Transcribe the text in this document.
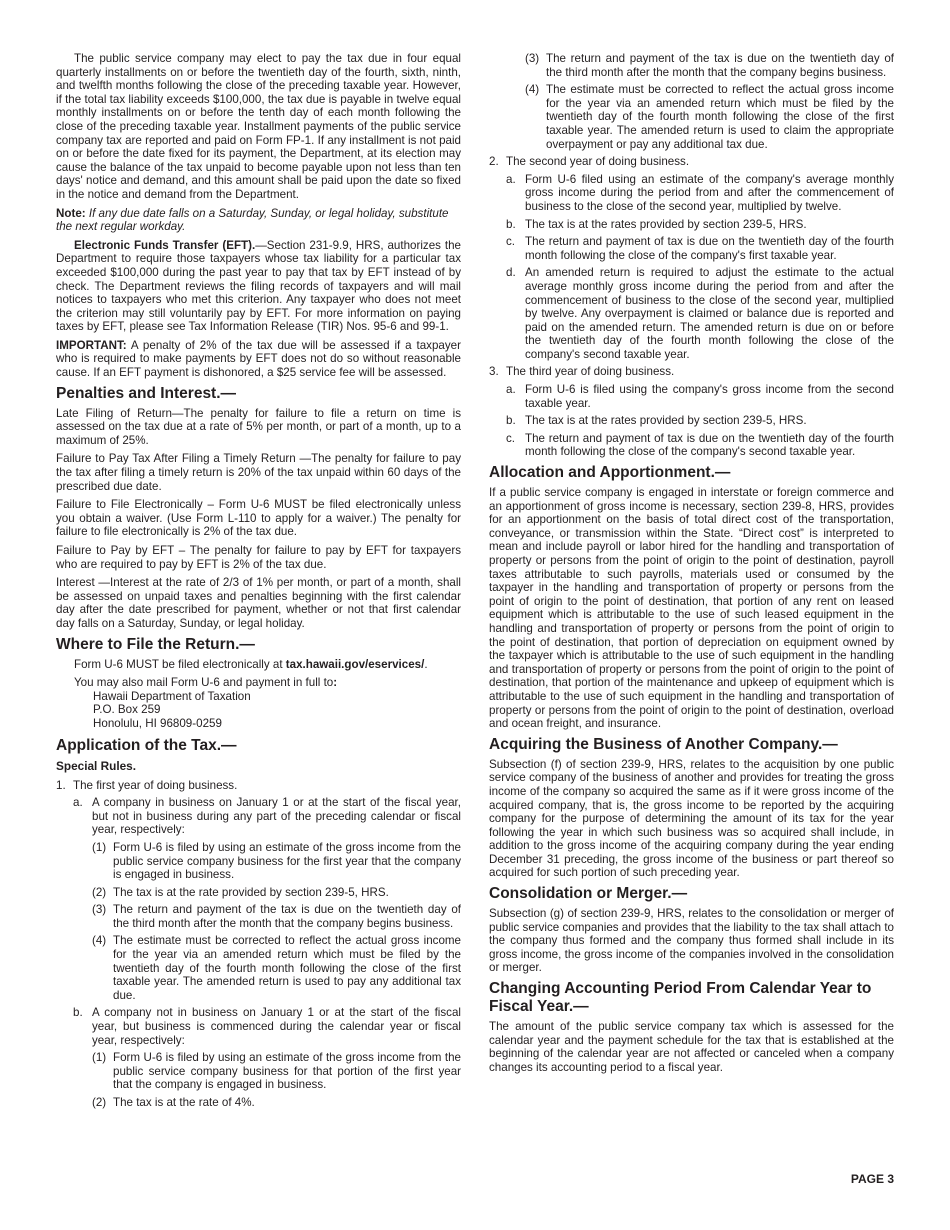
The public service company may elect to pay the tax due in four equal quarterly installments on or before the twentieth day of the fourth, sixth, ninth, and twelfth months following the close of the preceding taxable year. However, if the total tax liability exceeds $100,000, the tax due is payable in twelve equal monthly installments on or before the tenth day of each month following the close of the preceding taxable year. Installment payments of the public service company tax are reported and paid on Form FP-1. If any installment is not paid on or before the date fixed for its payment, the Department, at its election may cause the balance of the tax unpaid to become payable upon not less than ten days' notice and demand, and this amount shall be paid upon the date so fixed in the notice and demand from the Department.

Note: If any due date falls on a Saturday, Sunday, or legal holiday, substitute the next regular workday.

Electronic Funds Transfer (EFT).—Section 231-9.9, HRS, authorizes the Department to require those taxpayers whose tax liability for a particular tax exceeded $100,000 during the past year to pay that tax by EFT instead of by check. The Department reviews the filing records of taxpayers and will mail notices to taxpayers who met this criterion. Any taxpayer who does not meet the criterion may still voluntarily pay by EFT. For more information on paying taxes by EFT, please see Tax Information Release (TIR) Nos. 95-6 and 99-1.

IMPORTANT: A penalty of 2% of the tax due will be assessed if a taxpayer who is required to make payments by EFT does not do so without reasonable cause. If an EFT payment is dishonored, a $25 service fee will be assessed.

Penalties and Interest.—

Late Filing of Return—The penalty for failure to file a return on time is assessed on the tax due at a rate of 5% per month, or part of a month, up to a maximum of 25%.

Failure to Pay Tax After Filing a Timely Return —The penalty for failure to pay the tax after filing a timely return is 20% of the tax unpaid within 60 days of the prescribed due date.

Failure to File Electronically – Form U-6 MUST be filed electronically unless you obtain a waiver. (Use Form L-110 to apply for a waiver.) The penalty for failure to file electronically is 2% of the tax due.

Failure to Pay by EFT – The penalty for failure to pay by EFT for taxpayers who are required to pay by EFT is 2% of the tax due.

Interest —Interest at the rate of 2/3 of 1% per month, or part of a month, shall be assessed on unpaid taxes and penalties beginning with the first calendar day after the date prescribed for payment, whether or not that first calendar day falls on a Saturday, Sunday, or legal holiday.

Where to File the Return.—

Form U-6 MUST be filed electronically at tax.hawaii.gov/eservices/.

You may also mail Form U-6 and payment in full to:

Hawaii Department of Taxation

P.O. Box 259

Honolulu, HI 96809-0259

Application of the Tax.—
Special Rules.
1. The first year of doing business.
a. A company in business on January 1 or at the start of the fiscal year, but not in business during any part of the preceding calendar or fiscal year, respectively:
(1) Form U-6 is filed by using an estimate of the gross income from the public service company business for the first year that the company is engaged in business.
(2) The tax is at the rate provided by section 239-5, HRS.
(3) The return and payment of the tax is due on the twentieth day of the third month after the month that the company begins business.
(4) The estimate must be corrected to reflect the actual gross income for the year via an amended return which must be filed by the twentieth day of the fourth month following the close of the first taxable year. The amended return is used to pay any additional tax due.
b. A company not in business on January 1 or at the start of the fiscal year, but business is commenced during the calendar year or fiscal year, respectively:
(1) Form U-6 is filed by using an estimate of the gross income from the public service company business for that portion of the first year that the company is engaged in business.
(2) The tax is at the rate of 4%.
(3) The return and payment of the tax is due on the twentieth day of the third month after the month that the company begins business.
(4) The estimate must be corrected to reflect the actual gross income for the year via an amended return which must be filed by the twentieth day of the fourth month following the close of the first taxable year. The amended return is used to claim the appropriate overpayment or pay any additional tax due.
2. The second year of doing business.
a. Form U-6 filed using an estimate of the company's average monthly gross income during the period from and after the commencement of business to the close of the second year, multiplied by twelve.
b. The tax is at the rates provided by section 239-5, HRS.
c. The return and payment of tax is due on the twentieth day of the fourth month following the close of the company's first taxable year.
d. An amended return is required to adjust the estimate to the actual average monthly gross income during the period from and after the commencement of business to the close of the second year, multiplied by twelve. Any overpayment is claimed or balance due is reported and paid on the amended return. The amended return is due on or before the twentieth day of the fourth month following the close of the company's second taxable year.
3. The third year of doing business.
a. Form U-6 is filed using the company's gross income from the second taxable year.
b. The tax is at the rates provided by section 239-5, HRS.
c. The return and payment of tax is due on the twentieth day of the fourth month following the close of the company's second taxable year.
Allocation and Apportionment.—

If a public service company is engaged in interstate or foreign commerce and an apportionment of gross income is necessary, section 239-8, HRS, provides for an apportionment on the basis of total direct cost of the transportation, conveyance, or transmission within the State. “Direct cost” is interpreted to mean and include payroll or labor hired for the handling and transportation of property or persons from the point of origin to the point of destination, payroll taxes attributable to such payrolls, materials used or consumed by the taxpayer in the handling and transportation of property or persons from the point of origin to the point of destination, that portion of any rent on leased equipment which is attributable to the use of such leased equipment in the handling and transportation of property or persons from the point of origin to the point of destination, that portion of depreciation on equipment owned by the taxpayer which is attributable to the use of such equipment in the handling and transportation of property or persons from the point of origin to the point of destination, that portion of the maintenance and upkeep of equipment which is attributable to the use of such equipment in the handling and transportation of property or persons from the point of origin to the point of destination, overload and ocean freight, and insurance.

Acquiring the Business of Another Company.—

Subsection (f) of section 239-9, HRS, relates to the acquisition by one public service company of the business of another and provides for treating the gross income of the company so acquired the same as if it were gross income of the acquired company, that is, the gross income to be reported by the acquiring company for the purpose of determining the amount of its tax for the year following the year in which such business was so acquired shall include, in addition to the gross income of the acquiring company during the year ending December 31 preceding, the gross income of the business or part thereof so acquired for such portion of such preceding year.

Consolidation or Merger.—

Subsection (g) of section 239-9, HRS, relates to the consolidation or merger of public service companies and provides that the liability to the tax shall attach to the company thus formed and the company thus formed shall include in its gross income, the gross income of the companies involved in the consolidation or merger.

Changing Accounting Period From Calendar Year to Fiscal Year.—

The amount of the public service company tax which is assessed for the calendar year and the payment schedule for the tax that is established at the beginning of the calendar year are not affected or canceled when a company changes its accounting period to a fiscal year.

PAGE 3
